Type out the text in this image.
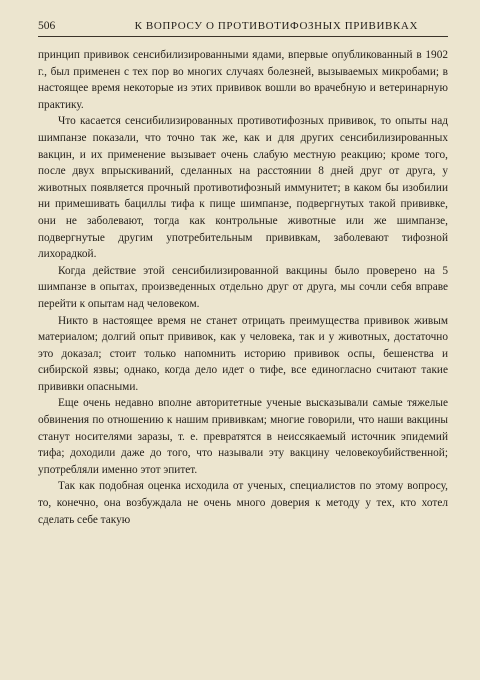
506	К ВОПРОСУ О ПРОТИВОТИФОЗНЫХ ПРИВИВКАХ

принцип прививок сенсибилизированными ядами, впервые опубликованный в 1902 г., был применен с тех пор во многих случаях болезней, вызываемых микробами; в настоящее время некоторые из этих прививок вошли во врачебную и ветеринарную практику.

Что касается сенсибилизированных противотифозных прививок, то опыты над шимпанзе показали, что точно так же, как и для других сенсибилизированных вакцин, и их применение вызывает очень слабую местную реакцию; кроме того, после двух впрыскиваний, сделанных на расстоянии 8 дней друг от друга, у животных появляется прочный противотифозный иммунитет; в каком бы изобилии ни примешивать бациллы тифа к пище шимпанзе, подвергнутых такой прививке, они не заболевают, тогда как контрольные животные или же шимпанзе, подвергнутые другим употребительным прививкам, заболевают тифозной лихорадкой.

Когда действие этой сенсибилизированной вакцины было проверено на 5 шимпанзе в опытах, произведенных отдельно друг от друга, мы сочли себя вправе перейти к опытам над человеком.

Никто в настоящее время не станет отрицать преимущества прививок живым материалом; долгий опыт прививок, как у человека, так и у животных, достаточно это доказал; стоит только напомнить историю прививок оспы, бешенства и сибирской язвы; однако, когда дело идет о тифе, все единогласно считают такие прививки опасными.

Еще очень недавно вполне авторитетные ученые высказывали самые тяжелые обвинения по отношению к нашим прививкам; многие говорили, что наши вакцины станут носителями заразы, т. е. превратятся в неиссякаемый источник эпидемий тифа; доходили даже до того, что называли эту вакцину человекоубийственной; употребляли именно этот эпитет.

Так как подобная оценка исходила от ученых, специалистов по этому вопросу, то, конечно, она возбуждала не очень много доверия к методу у тех, кто хотел сделать себе такую
